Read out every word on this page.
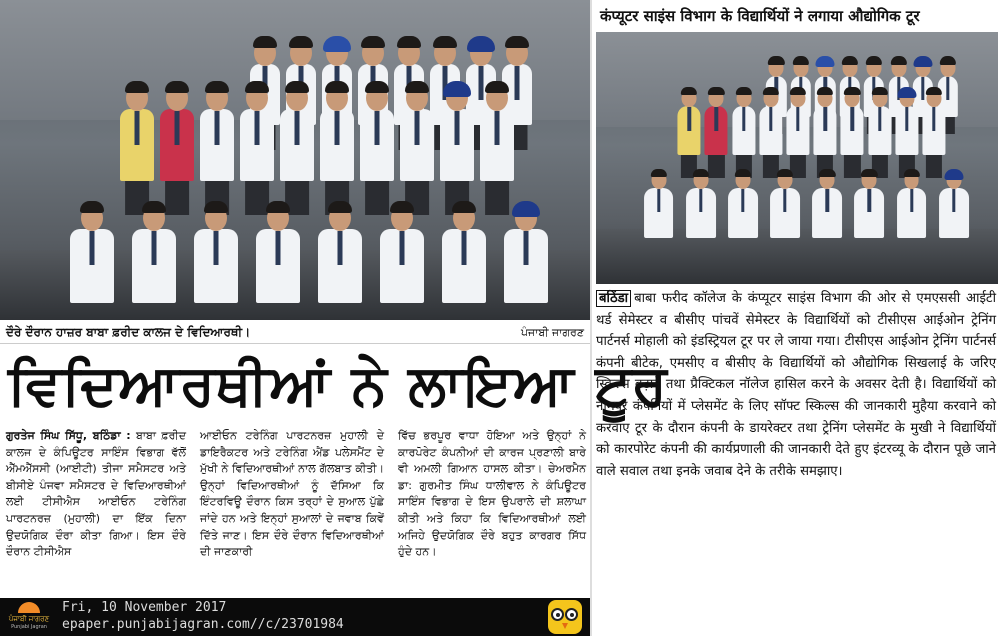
ਦੌਰੇ ਦੌਰਾਨ ਹਾਜ਼ਰ ਬਾਬਾ ਫ਼ਰੀਦ ਕਾਲਜ ਦੇ ਵਿਦਿਆਰਥੀ।	ਪੰਜਾਬੀ ਜਾਗਰਣ
ਵਿਦਿਆਰਥੀਆਂ ਨੇ ਲਾਇਆ ਟੂਰ
ਗੁਰਤੇਜ ਸਿੰਘ ਸਿੱਧੂ, ਬਠਿੰਡਾ : ਬਾਬਾ ਫ਼ਰੀਦ ਕਾਲਜ ਦੇ ਕੰਪਿਊਟਰ ਸਾਇੰਸ ਵਿਭਾਗ ਵੱਲੋਂ ਐੱਮਐੱਸਸੀ (ਆਈਟੀ) ਤੀਜਾ ਸਮੈਸਟਰ ਅਤੇ ਬੀਸੀਏ ਪੰਜਵਾ ਸਮੈਸਟਰ ਦੇ ਵਿਦਿਆਰਥੀਆਂ ਲਈ ਟੀਸੀਐਸ ਆਈਓਨ ਟਰੇਨਿੰਗ ਪਾਰਟਨਰਜ਼ (ਮੁਹਾਲੀ) ਦਾ ਇੱਕ ਦਿਨਾ ਉਦਯੋਗਿਕ ਦੌਰਾ ਕੀਤਾ ਗਿਆ। ਇਸ ਦੌਰੇ ਦੌਰਾਨ ਟੀਸੀਐਸ
ਆਈਓਨ ਟਰੇਨਿੰਗ ਪਾਰਟਨਰਜ਼ ਮੁਹਾਲੀ ਦੇ ਡਾਇਰੈਕਟਰ ਅਤੇ ਟਰੇਨਿੰਗ ਐਂਡ ਪਲੇਸਮੈਂਟ ਦੇ ਮੁੱਖੀ ਨੇ ਵਿਦਿਆਰਥੀਆਂ ਨਾਲ ਗੱਲਬਾਤ ਕੀਤੀ। ਉਨ੍ਹਾਂ ਵਿਦਿਆਰਥੀਆਂ ਨੂੰ ਦੱਸਿਆ ਕਿ ਇੰਟਰਵਿਊ ਦੌਰਾਨ ਕਿਸ ਤਰ੍ਹਾਂ ਦੇ ਸੁਆਲ ਪੁੱਛੇ ਜਾਂਦੇ ਹਨ ਅਤੇ ਇਨ੍ਹਾਂ ਸੁਆਲਾਂ ਦੇ ਜਵਾਬ ਕਿਵੇਂ ਦਿੱਤੇ ਜਾਣ। ਇਸ ਦੌਰੇ ਦੌਰਾਨ ਵਿਦਿਆਰਥੀਆਂ ਦੀ ਜਾਣਕਾਰੀ
ਵਿੱਚ ਭਰਪੂਰ ਵਾਧਾ ਹੋਇਆ ਅਤੇ ਉਨ੍ਹਾਂ ਨੇ ਕਾਰਪੋਰੇਟ ਕੰਪਨੀਆਂ ਦੀ ਕਾਰਜ ਪ੍ਰਣਾਲੀ ਬਾਰੇ ਵੀ ਅਮਲੀ ਗਿਆਨ ਹਾਸਲ ਕੀਤਾ। ਚੇਅਰਮੈਨ ਡਾ: ਗੁਰਮੀਤ ਸਿੰਘ ਧਾਲੀਵਾਲ ਨੇ ਕੰਪਿਊਟਰ ਸਾਇੰਸ ਵਿਭਾਗ ਦੇ ਇਸ ਉਪਰਾਲੇ ਦੀ ਸ਼ਲਾਘਾ ਕੀਤੀ ਅਤੇ ਕਿਹਾ ਕਿ ਵਿਦਿਆਰਥੀਆਂ ਲਈ ਅਜਿਹੇ ਉਦਯੋਗਿਕ ਦੌਰੇ ਬਹੁਤ ਕਾਰਗਰ ਸਿੱਧ ਹੁੰਦੇ ਹਨ।
ਪੰਜਾਬੀ ਜਾਗਰਣ
Punjabi Jagran
Fri, 10 November 2017
epaper.punjabijagran.com//c/23701984
कंप्यूटर साइंस विभाग के विद्यार्थियों ने लगाया औद्योगिक टूर
बठिंडा बाबा फरीद कॉलेज के कंप्यूटर साइंस विभाग की ओर से एमएससी आईटी थर्ड सेमेस्टर व बीसीए पांचवें सेमेस्टर के विद्यार्थियों को टीसीएस आईओन ट्रेनिंग पार्टनर्स मोहाली को इंडस्ट्रियल टूर पर ले जाया गया। टीसीएस आईओन ट्रेनिंग पार्टनर्स कंपनी बीटेक, एमसीए व बीसीए के विद्यार्थियों को औद्योगिक सिखलाई के जरिए स्किल्स बढ़ाने तथा प्रैक्टिकल नॉलेज हासिल करने के अवसर देती है। विद्यार्थियों को नामवर कंपनियों में प्लेसमेंट के लिए सॉफ्ट स्किल्स की जानकारी मुहैया करवाने को करवाए टूर के दौरान कंपनी के डायरेक्टर तथा ट्रेनिंग प्लेसमेंट के मुखी ने विद्यार्थियों को कारपोरेट कंपनी की कार्यप्रणाली की जानकारी देते हुए इंटरव्यू के दौरान पूछे जाने वाले सवाल तथा इनके जवाब देने के तरीके समझाए।
